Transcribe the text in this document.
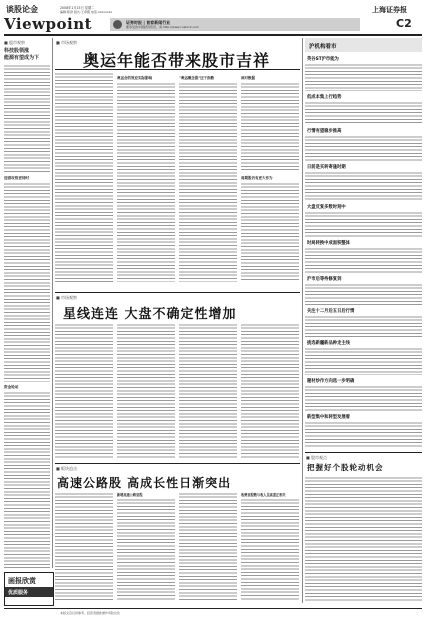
谈股论金
Viewpoint
2008年1月15日 星期二
编辑:陈劲 版式:王翠霞 电话:xxxxxxxx
证券时报 | 首家新闻行业
要享受的中国经济资讯，请 http://www.cnstock.com
上海证券报
C2
■ 股市观察
科技股领涨
能源有望成为下
迎春攻势更待时
资金轮动
■ 市场观察
奥运年能否带来股市吉祥
奥运会的效应实际影响	"奥运概念股"还于指数	面对数据
周期股仍有更大作为
■ 市场观察
星线连连 大盘不确定性增加
■ 板块追击
高速公路股 高成长性日渐突出
新增高速公路里程	收费里程数与收入呈高度正相关
沪机构看市
英谷ST沪市能为
低成本集上行趋势
行情有望稳步推高
日前是买转寄逢时期
大盘反复多数时刻中
时局转换中成面积整体
沪市后等待修复到
关注十二月后五日后行情
挑选新疆新品种走主线
题材炒作方向选一步明确
新型集中和转型发展看
■ 股市观点
把握好个股轮动机会
画报欣赏
优质服务
本版文章仅供参考，投资者据此操作风险自负
